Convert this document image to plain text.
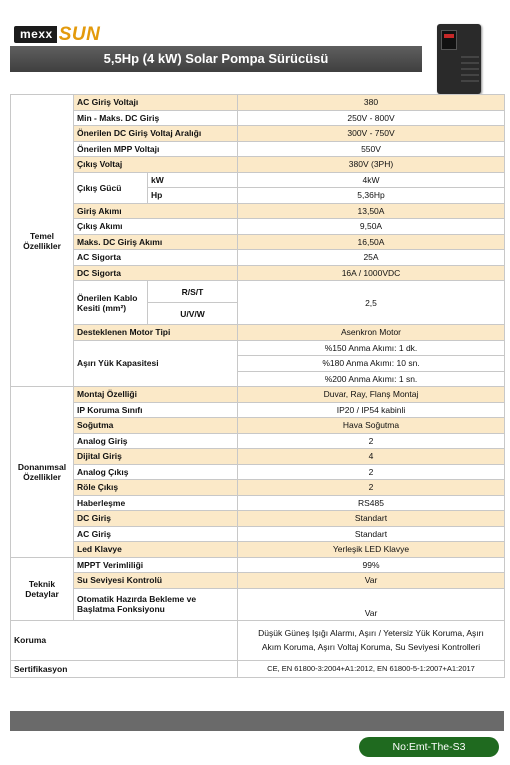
mexx SUN
5,5Hp (4 kW) Solar Pompa Sürücüsü
Temel Özellikler	AC Giriş Voltajı		380
	Min - Maks. DC Giriş		250V - 800V
	Önerilen DC Giriş Voltaj Aralığı		300V - 750V
	Önerilen MPP Voltajı		550V
	Çıkış Voltaj		380V (3PH)
	Çıkış Gücü	kW	4kW
		Hp	5,36Hp
	Giriş Akımı		13,50A
	Çıkış Akımı		9,50A
	Maks. DC Giriş Akımı		16,50A
	AC Sigorta		25A
	DC Sigorta		16A / 1000VDC
	Önerilen Kablo Kesiti (mm²)	R/S/T	2,5
		U/V/W	
	Desteklenen Motor Tipi		Asenkron Motor
	Aşırı Yük Kapasitesi		%150 Anma Akımı: 1 dk.
			%180 Anma Akımı: 10 sn.
			%200 Anma Akımı: 1 sn.
Donanımsal Özellikler	Montaj Özelliği		Duvar, Ray, Flanş Montaj
	IP Koruma Sınıfı		IP20 / IP54 kabinli
	Soğutma		Hava Soğutma
	Analog Giriş		2
	Dijital Giriş		4
	Analog Çıkış		2
	Röle Çıkış		2
	Haberleşme		RS485
	DC Giriş		Standart
	AC Giriş		Standart
	Led Klavye		Yerleşik LED Klavye
Teknik Detaylar	MPPT Verimliliği		99%
	Su Seviyesi Kontrolü		Var
	Otomatik Hazırda Bekleme ve Başlatma Fonksiyonu		Var
Koruma			Düşük Güneş Işığı Alarmı, Aşırı / Yetersiz Yük Koruma, Aşırı
Akım Koruma, Aşırı Voltaj Koruma, Su Seviyesi Kontrolleri

Sertifikasyon			CE, EN 61800-3:2004+A1:2012, EN 61800-5-1:2007+A1:2017
No:Emt-The-S3
